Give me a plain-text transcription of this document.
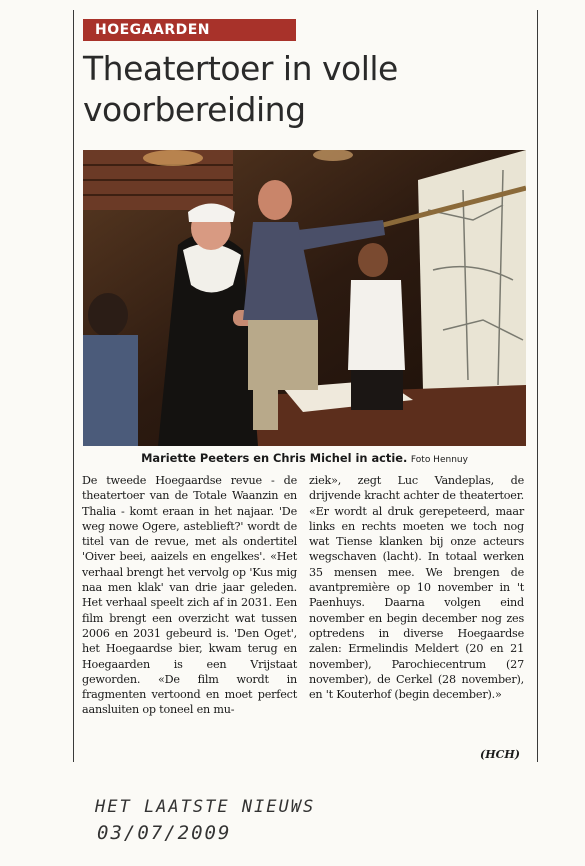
HOEGAARDEN
Theatertoer in volle voorbereiding
Mariette Peeters en Chris Michel in actie. Foto Hennuy

De tweede Hoegaardse revue - de theatertoer van de Totale Waanzin en Thalia - komt eraan in het najaar. 'De weg nowe Ogere, asteblieft?' wordt de titel van de revue, met als ondertitel 'Oiver beei, aaizels en engelkes'. «Het verhaal brengt het vervolg op 'Kus mig naa men klak' van drie jaar geleden. Het verhaal speelt zich af in 2031. Een film brengt een overzicht wat tussen 2006 en 2031 gebeurd is. 'Den Oget', het Hoegaardse bier, kwam terug en Hoegaarden is een Vrijstaat geworden. «De film wordt in fragmenten vertoond en moet perfect aansluiten op toneel en mu-

ziek», zegt Luc Vandeplas, de drijvende kracht achter de theatertoer. «Er wordt al druk gerepeteerd, maar links en rechts moeten we toch nog wat Tiense klanken bij onze acteurs wegschaven (lacht). In totaal werken 35 mensen mee. We brengen de avantpremière op 10 november in 't Paenhuys. Daarna volgen eind november en begin december nog zes optredens in diverse Hoegaardse zalen: Ermelindis Meldert (20 en 21 november), Parochiecentrum (27 november), de Cerkel (28 november), en 't Kouterhof (begin december).»

(HCH)
HET LAATSTE NIEUWS
03/07/2009
